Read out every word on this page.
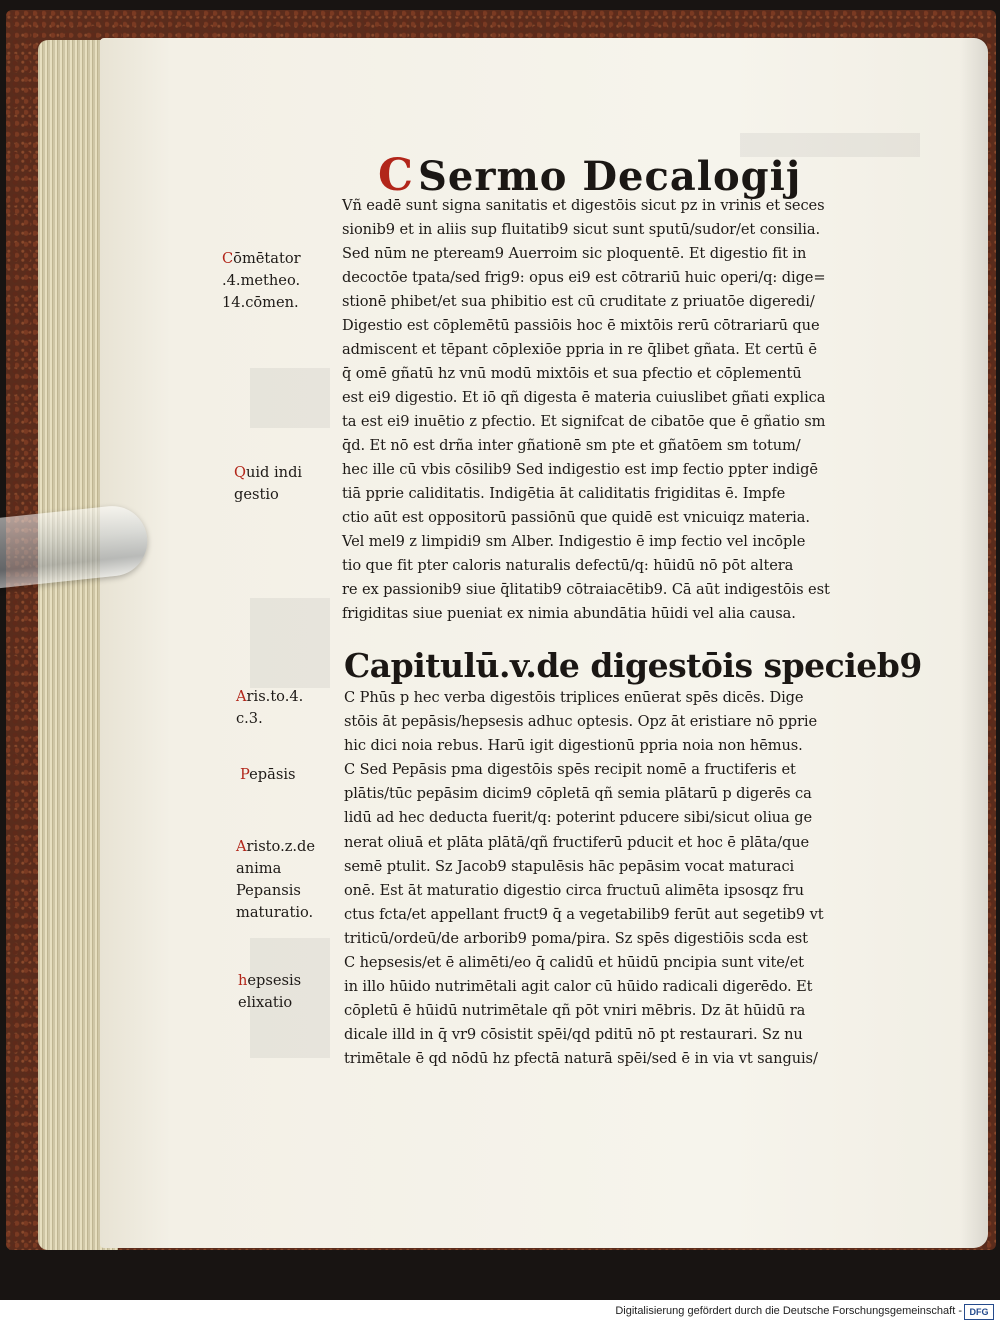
C Sermo Decalogij
Vñ eadē sunt signa sanitatis et digestōis sicut pz in vrinis et seces
sionib9 et in aliis sup fluitatib9 sicut sunt sputū/sudor/et consilia.
Sed nūm ne pteream9 Auerroim sic ploquentē. Et digestio fit in
decoctōe tpata/sed frig9: opus ei9 est cōtrariū huic operi/q: dige=
stionē phibet/et sua phibitio est cū cruditate z priuatōe digeredi/
Digestio est cōplemētū passiōis hoc ē mixtōis rerū cōtrariarū que
admiscent et tēpant cōplexiōe ppria in re q̄libet gñata. Et certū ē
q̄ omē gñatū hz vnū modū mixtōis et sua pfectio et cōplementū
est ei9 digestio. Et iō qñ digesta ē materia cuiuslibet gñati explica
ta est ei9 inuētio z pfectio. Et signifcat de cibatōe que ē gñatio sm
q̄d. Et nō est drña inter gñationē sm pte et gñatōem sm totum/
hec ille cū vbis cōsilib9 Sed indigestio est imp fectio ppter indigē
tiā pprie caliditatis. Indigētia āt caliditatis frigiditas ē. Impfe
ctio aūt est oppositorū passiōnū que quidē est vnicuiqz materia.
Vel mel9 z limpidi9 sm Alber. Indigestio ē imp fectio vel incōple
tio que fit pter caloris naturalis defectū/q: hūidū nō pōt altera
re ex passionib9 siue q̄litatib9 cōtraiacētib9. Cā aūt indigestōis est
frigiditas siue pueniat ex nimia abundātia hūidi vel alia causa.
Capitulū.v.de digestōis specieb9
C Phūs p hec verba digestōis triplices enūerat spēs dicēs. Dige
stōis āt pepāsis/hepsesis adhuc optesis. Opz āt eristiare nō pprie
hic dici noia rebus. Harū igit digestionū ppria noia non hēmus.
C Sed Pepāsis pma digestōis spēs recipit nomē a fructiferis et
plātis/tūc pepāsim dicim9 cōpletā qñ semia plātarū p digerēs ca
lidū ad hec deducta fuerit/q: poterint pducere sibi/sicut oliua ge
nerat oliuā et plāta plātā/qñ fructiferū pducit et hoc ē plāta/que
semē ptulit. Sz Jacob9 stapulēsis hāc pepāsim vocat maturaci
onē. Est āt maturatio digestio circa fructuū alimēta ipsosqz fru
ctus fcta/et appellant fruct9 q̄ a vegetabilib9 ferūt aut segetib9 vt
triticū/ordeū/de arborib9 poma/pira. Sz spēs digestiōis scda est
C hepsesis/et ē alimēti/eo q̄ calidū et hūidū pncipia sunt vite/et
in illo hūido nutrimētali agit calor cū hūido radicali digerēdo. Et
cōpletū ē hūidū nutrimētale qñ pōt vniri mēbris. Dz āt hūidū ra
dicale illd in q̄ vr9 cōsistit spēi/qd pditū nō pt restaurari. Sz nu
trimētale ē qd nōdū hz pfectā naturā spēi/sed ē in via vt sanguis/
Cōmētator
.4.metheo.
14.cōmen.
Quid indi
gestio
Aris.to.4.
c.3.
Pepāsis
Aristo.z.de
anima
Pepansis
maturatio.
hepsesis
elixatio
Digitalisierung gefördert durch die Deutsche Forschungsgemeinschaft - DFG
